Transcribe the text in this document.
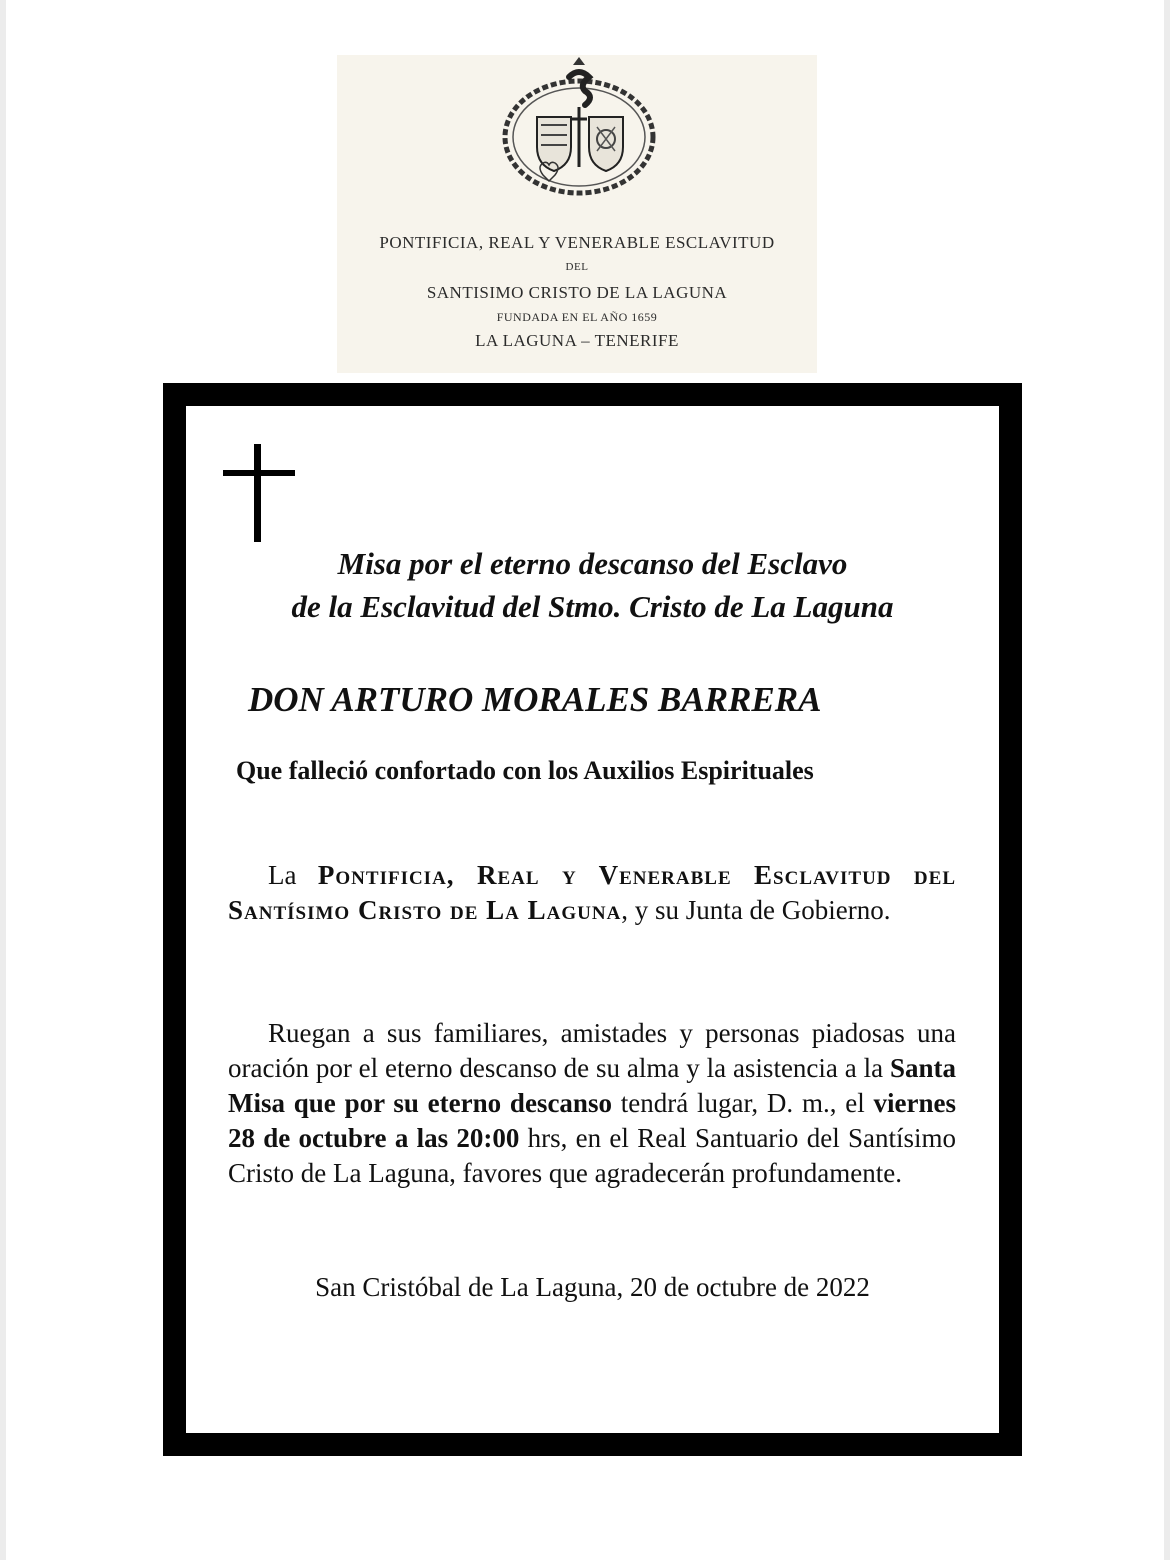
PONTIFICIA, REAL Y VENERABLE ESCLAVITUD
DEL
SANTISIMO CRISTO DE LA LAGUNA
FUNDADA EN EL AÑO 1659
LA LAGUNA – TENERIFE
Misa por el eterno descanso del Esclavo
de la Esclavitud del Stmo. Cristo de La Laguna
DON ARTURO MORALES BARRERA
Que falleció confortado con los Auxilios Espirituales
La Pontificia, Real y Venerable Esclavitud del Santísimo Cristo de La Laguna, y su Junta de Gobierno.
Ruegan a sus familiares, amistades y personas piadosas una oración por el eterno descanso de su alma y la asistencia a la Santa Misa que por su eterno descanso tendrá lugar, D. m., el viernes 28 de octubre a las 20:00 hrs, en el Real Santuario del Santísimo Cristo de La Laguna, favores que agradecerán profundamente.
San Cristóbal de La Laguna, 20 de octubre de 2022
